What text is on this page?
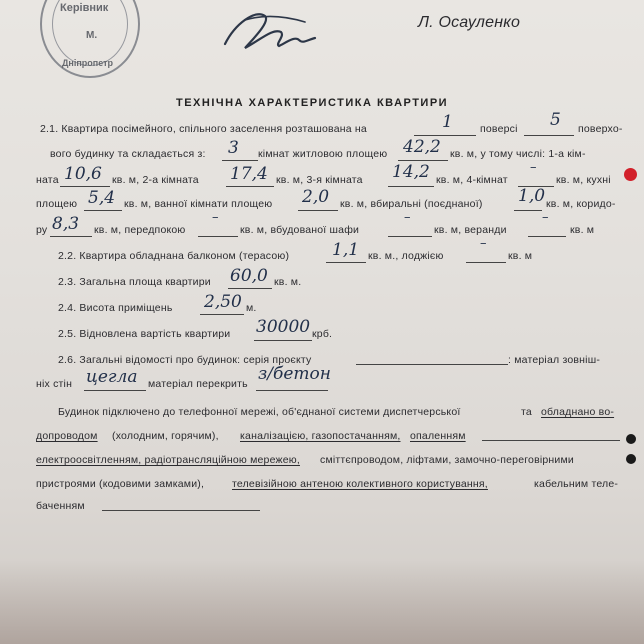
Керівник
М.
Дніпропетр
Л. Осауленко
ТЕХНІЧНА ХАРАКТЕРИСТИКА КВАРТИРИ
2.1. Квартира посімейного, спільного заселення розташована на	1	поверсі 5 поверхо-
вого будинку та складається з: 3 кімнат житловою площею 42,2 кв. м, у тому числі: 1-а кім-
ната 10,6 кв. м, 2-а кімната 17,4 кв. м, 3-я кімната 14,2 кв. м, 4-кімнат
–
кв. м, кухні
площею 5,4 кв. м, ванної кімнати площею 2,0 кв. м, вбиральні (поєднаної) 1,0 кв. м, коридо-
ру 8,3 кв. м, передпокою
–
кв. м, вбудованої шафи
–
кв. м, веранди
–
кв. м
2.2. Квартира обладнана балконом (терасою)	1,1 кв. м., лоджією
–
кв. м
2.3. Загальна площа квартири 60,0 кв. м.
2.4. Висота приміщень 2,50 м.
2.5. Відновлена вартість квартири 30000 крб.
2.6. Загальні відомості про будинок: серія проєкту	: матеріал зовніш-
ніх стін цегла матеріал перекрить з/бетон
Будинок підключено до телефонної мережі, об'єднаної системи диспетчерської	та обладнано во-
допроводом (холодним, горячим), каналізацією, газопостачанням, опаленням
електроосвітленням, радіотрансляційною мережею, сміттєпроводом, ліфтами, замочно-переговірними
пристроями (кодовими замками),	телевізійною антеною колективного користування,	кабельним теле-
баченням
